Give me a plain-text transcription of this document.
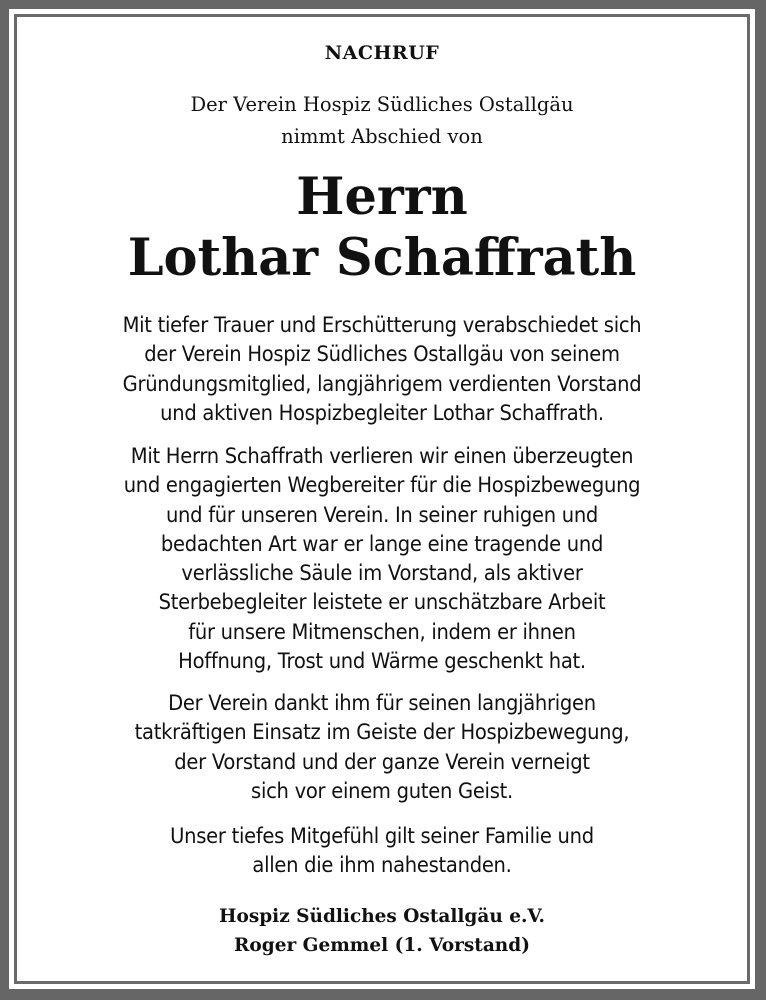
NACHRUF
Der Verein Hospiz Südliches Ostallgäu
nimmt Abschied von
Herrn
Lothar Schaffrath
Mit tiefer Trauer und Erschütterung verabschiedet sich
der Verein Hospiz Südliches Ostallgäu von seinem
Gründungsmitglied, langjährigem verdienten Vorstand
und aktiven Hospizbegleiter Lothar Schaffrath.
Mit Herrn Schaffrath verlieren wir einen überzeugten
und engagierten Wegbereiter für die Hospizbewegung
und für unseren Verein. In seiner ruhigen und
bedachten Art war er lange eine tragende und
verlässliche Säule im Vorstand, als aktiver
Sterbebegleiter leistete er unschätzbare Arbeit
für unsere Mitmenschen, indem er ihnen
Hoffnung, Trost und Wärme geschenkt hat.
Der Verein dankt ihm für seinen langjährigen
tatkräftigen Einsatz im Geiste der Hospizbewegung,
der Vorstand und der ganze Verein verneigt
sich vor einem guten Geist.
Unser tiefes Mitgefühl gilt seiner Familie und
allen die ihm nahestanden.
Hospiz Südliches Ostallgäu e.V.
Roger Gemmel (1. Vorstand)
